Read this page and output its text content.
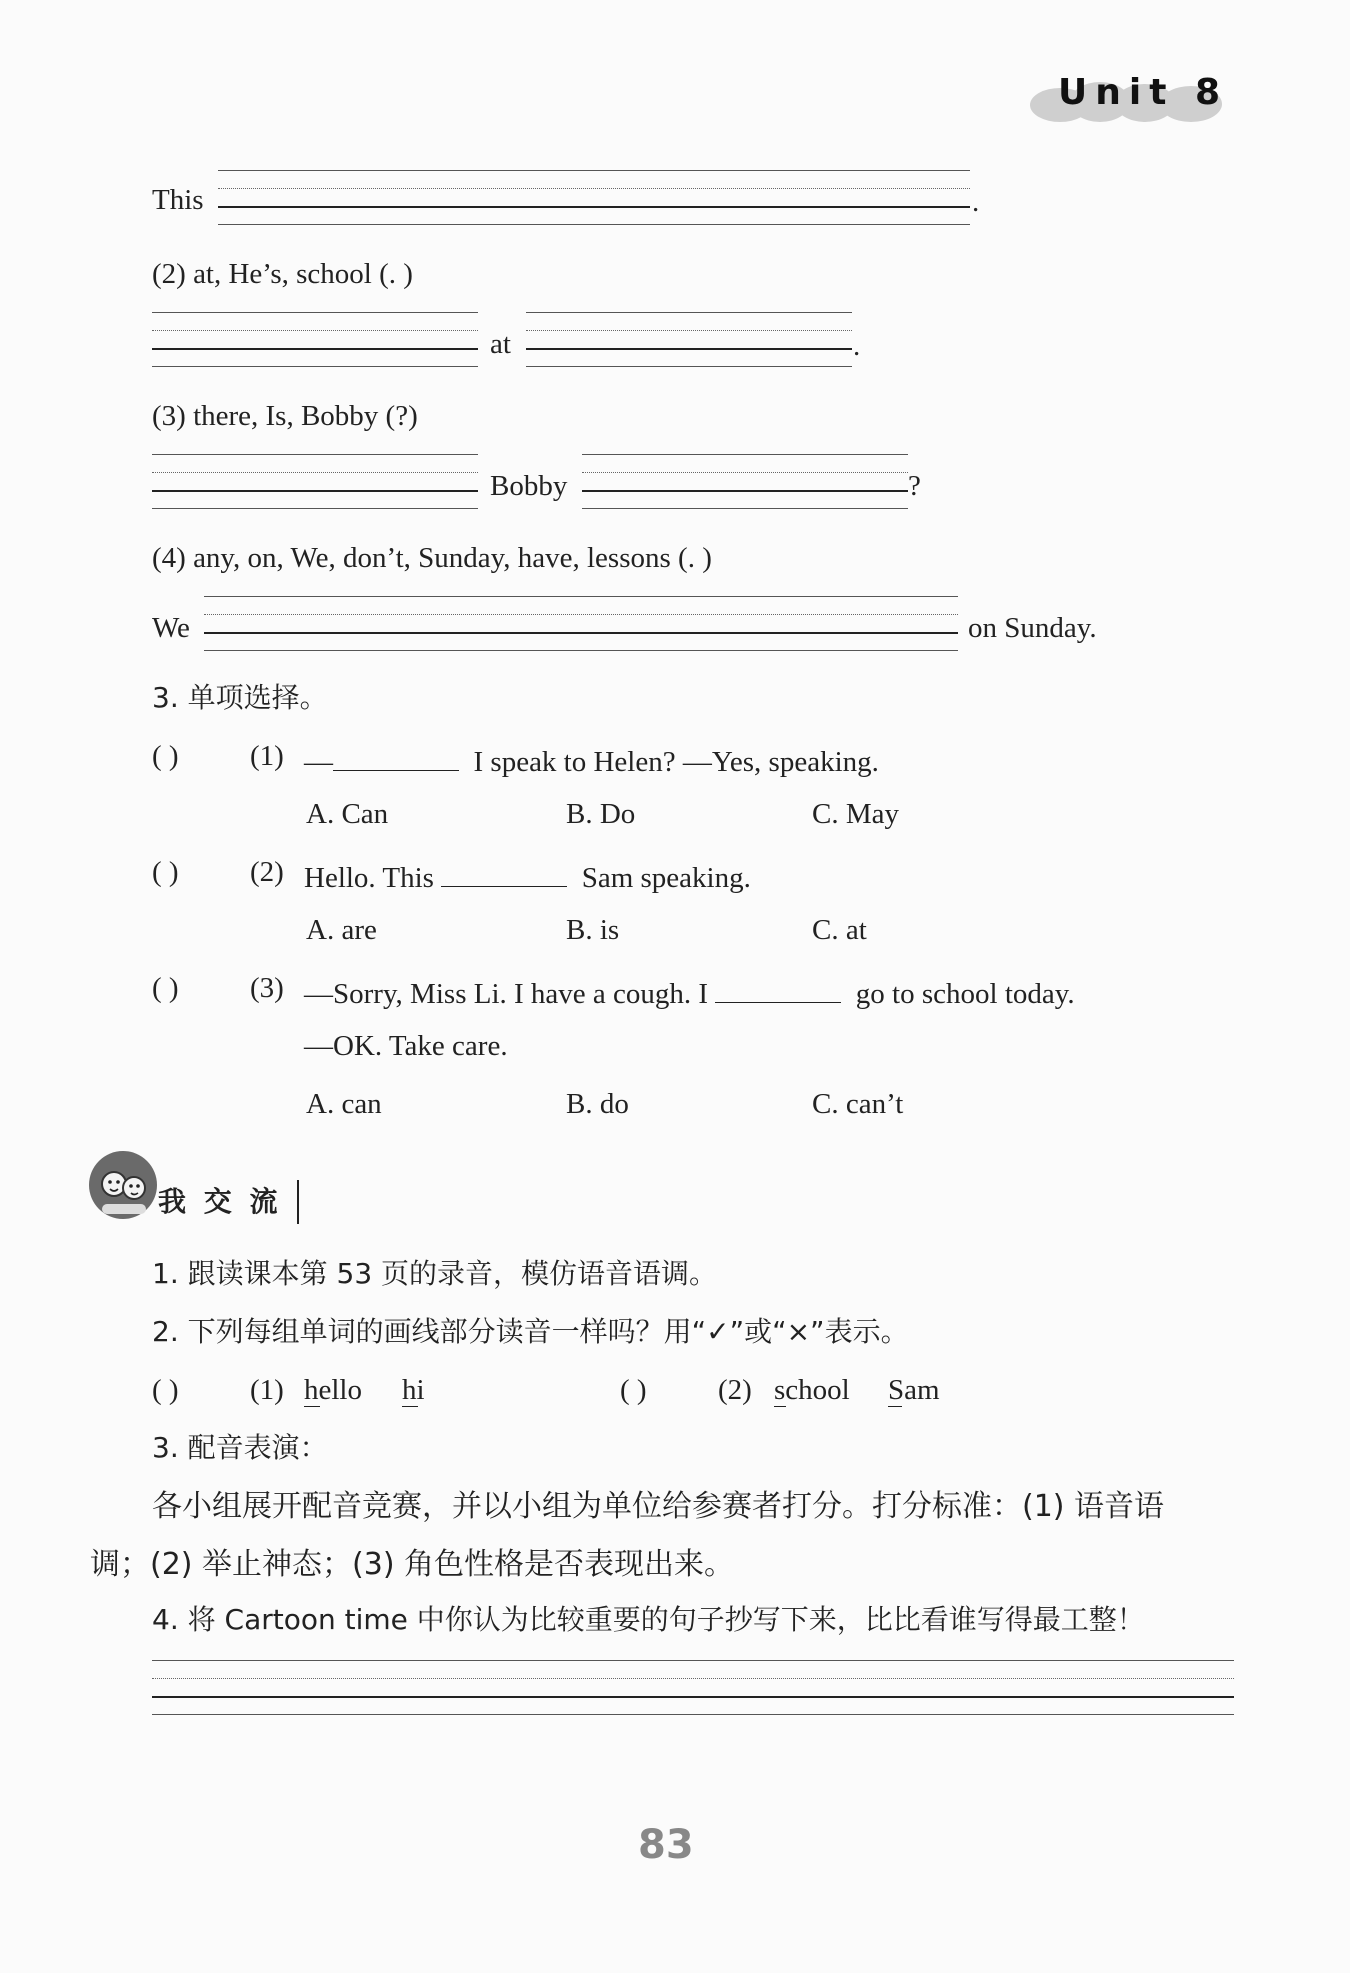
Unit 8
This	.
(2) at, He’s, school (. )
at	.
(3) there, Is, Bobby (?)
Bobby	?
(4) any, on, We, don’t, Sunday, have, lessons (. )
We	on Sunday.
3. 单项选择。
( ) (1) —	I speak to Helen? —Yes, speaking.
A. Can	B. Do	C. May
( ) (2) Hello. This	Sam speaking.
A. are	B. is	C. at
( ) (3) —Sorry, Miss Li. I have a cough. I	go to school today.
—OK. Take care.
A. can	B. do	C. can’t
我 交 流
1. 跟读课本第 53 页的录音，模仿语音语调。
2. 下列每组单词的画线部分读音一样吗？用“✓”或“×”表示。
( ) (1) hello hi	( ) (2) school Sam
3. 配音表演：
各小组展开配音竞赛，并以小组为单位给参赛者打分。打分标准：(1) 语音语
调；(2) 举止神态；(3) 角色性格是否表现出来。
4. 将 Cartoon time 中你认为比较重要的句子抄写下来，比比看谁写得最工整！
83
